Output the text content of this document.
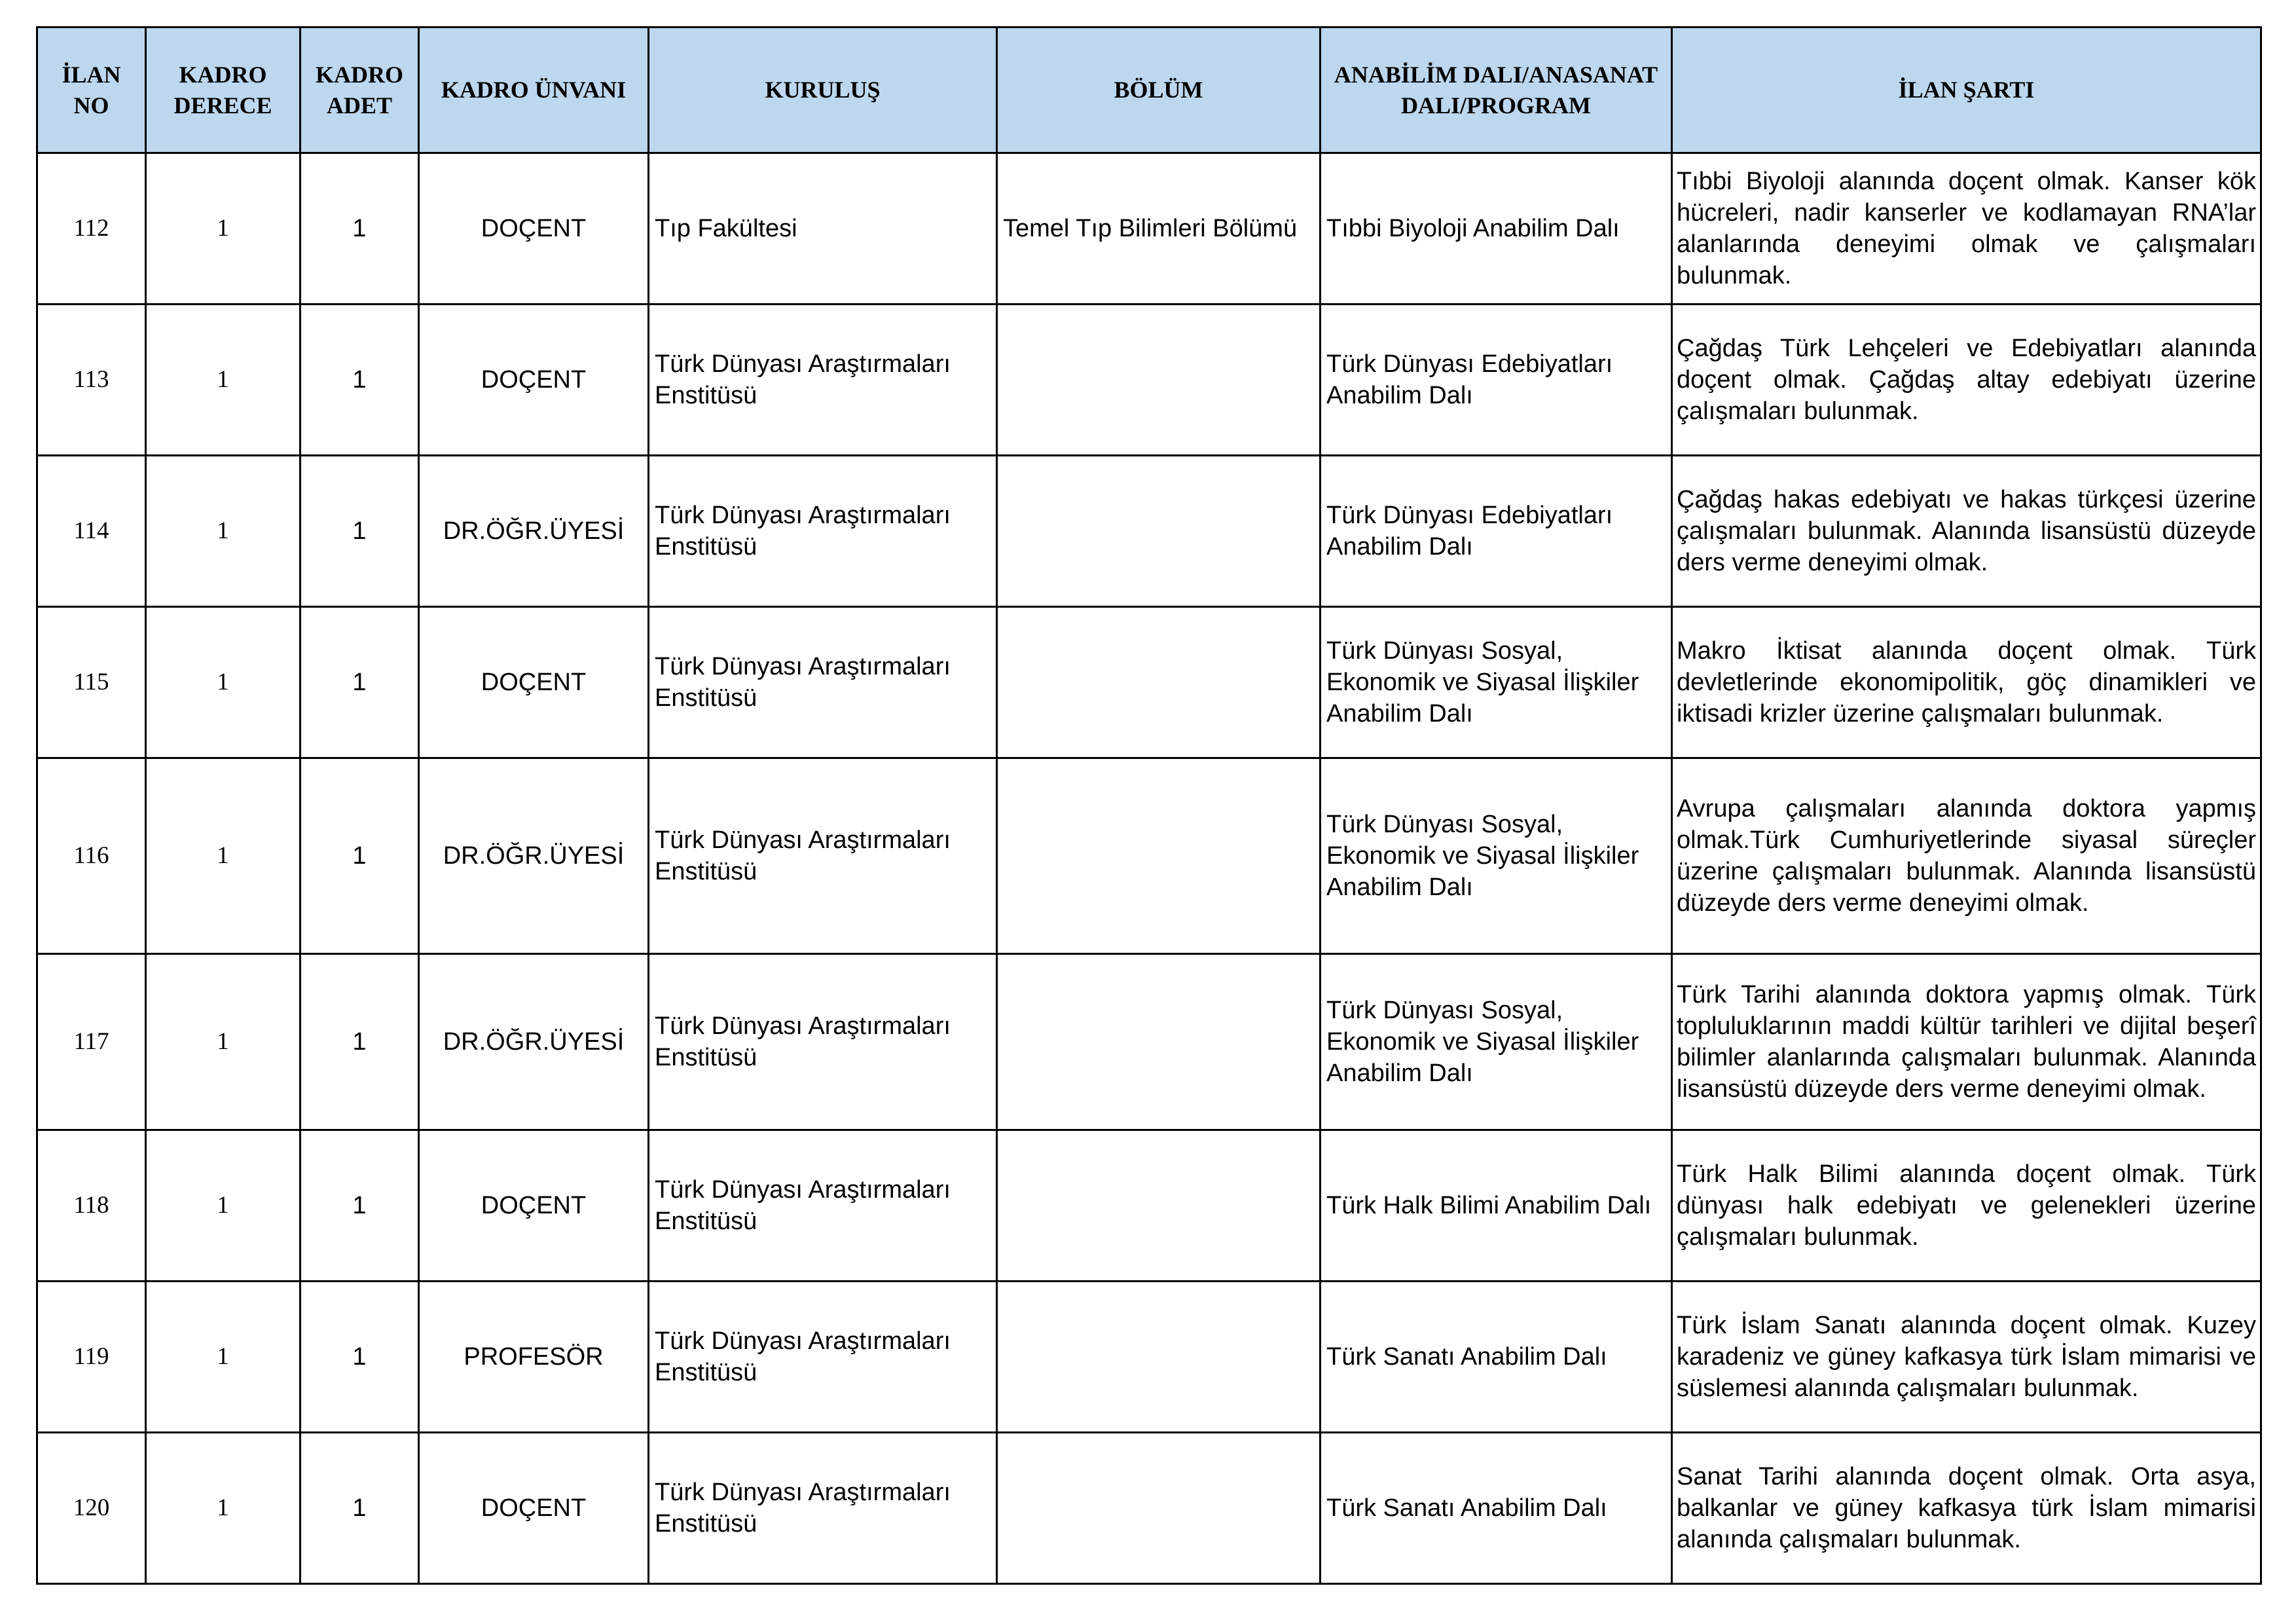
İLAN NO	KADRO DERECE	KADRO ADET	KADRO ÜNVANI	KURULUŞ	BÖLÜM	ANABİLİM DALI/ANASANAT DALI/PROGRAM	İLAN ŞARTI
112	1	1	DOÇENT	Tıp Fakültesi	Temel Tıp Bilimleri Bölümü	Tıbbi Biyoloji Anabilim Dalı	Tıbbi Biyoloji alanında doçent olmak. Kanser kök hücreleri, nadir kanserler ve kodlamayan RNA’lar alanlarında deneyimi olmak ve çalışmaları bulunmak.
113	1	1	DOÇENT	Türk Dünyası Araştırmaları Enstitüsü		Türk Dünyası Edebiyatları Anabilim Dalı	Çağdaş Türk Lehçeleri ve Edebiyatları alanında doçent olmak. Çağdaş altay edebiyatı üzerine çalışmaları bulunmak.
114	1	1	DR.ÖĞR.ÜYESİ	Türk Dünyası Araştırmaları Enstitüsü		Türk Dünyası Edebiyatları Anabilim Dalı	Çağdaş hakas edebiyatı ve hakas türkçesi üzerine çalışmaları bulunmak. Alanında lisansüstü düzeyde ders verme deneyimi olmak.
115	1	1	DOÇENT	Türk Dünyası Araştırmaları Enstitüsü		Türk Dünyası Sosyal, Ekonomik ve Siyasal İlişkiler Anabilim Dalı	Makro İktisat alanında doçent olmak. Türk devletlerinde ekonomipolitik, göç dinamikleri ve iktisadi krizler üzerine çalışmaları bulunmak.
116	1	1	DR.ÖĞR.ÜYESİ	Türk Dünyası Araştırmaları Enstitüsü		Türk Dünyası Sosyal, Ekonomik ve Siyasal İlişkiler Anabilim Dalı	Avrupa çalışmaları alanında doktora yapmış olmak.Türk Cumhuriyetlerinde siyasal süreçler üzerine çalışmaları bulunmak. Alanında lisansüstü düzeyde ders verme deneyimi olmak.
117	1	1	DR.ÖĞR.ÜYESİ	Türk Dünyası Araştırmaları Enstitüsü		Türk Dünyası Sosyal, Ekonomik ve Siyasal İlişkiler Anabilim Dalı	Türk Tarihi alanında doktora yapmış olmak. Türk topluluklarının maddi kültür tarihleri ve dijital beşerî bilimler alanlarında çalışmaları bulunmak. Alanında lisansüstü düzeyde ders verme deneyimi olmak.
118	1	1	DOÇENT	Türk Dünyası Araştırmaları Enstitüsü		Türk Halk Bilimi Anabilim Dalı	Türk Halk Bilimi alanında doçent olmak. Türk dünyası halk edebiyatı ve gelenekleri üzerine çalışmaları bulunmak.
119	1	1	PROFESÖR	Türk Dünyası Araştırmaları Enstitüsü		Türk Sanatı Anabilim Dalı	Türk İslam Sanatı alanında doçent olmak. Kuzey karadeniz ve güney kafkasya türk İslam mimarisi ve süslemesi alanında çalışmaları bulunmak.
120	1	1	DOÇENT	Türk Dünyası Araştırmaları Enstitüsü		Türk Sanatı Anabilim Dalı	Sanat Tarihi alanında doçent olmak. Orta asya, balkanlar ve güney kafkasya türk İslam mimarisi alanında çalışmaları bulunmak.
